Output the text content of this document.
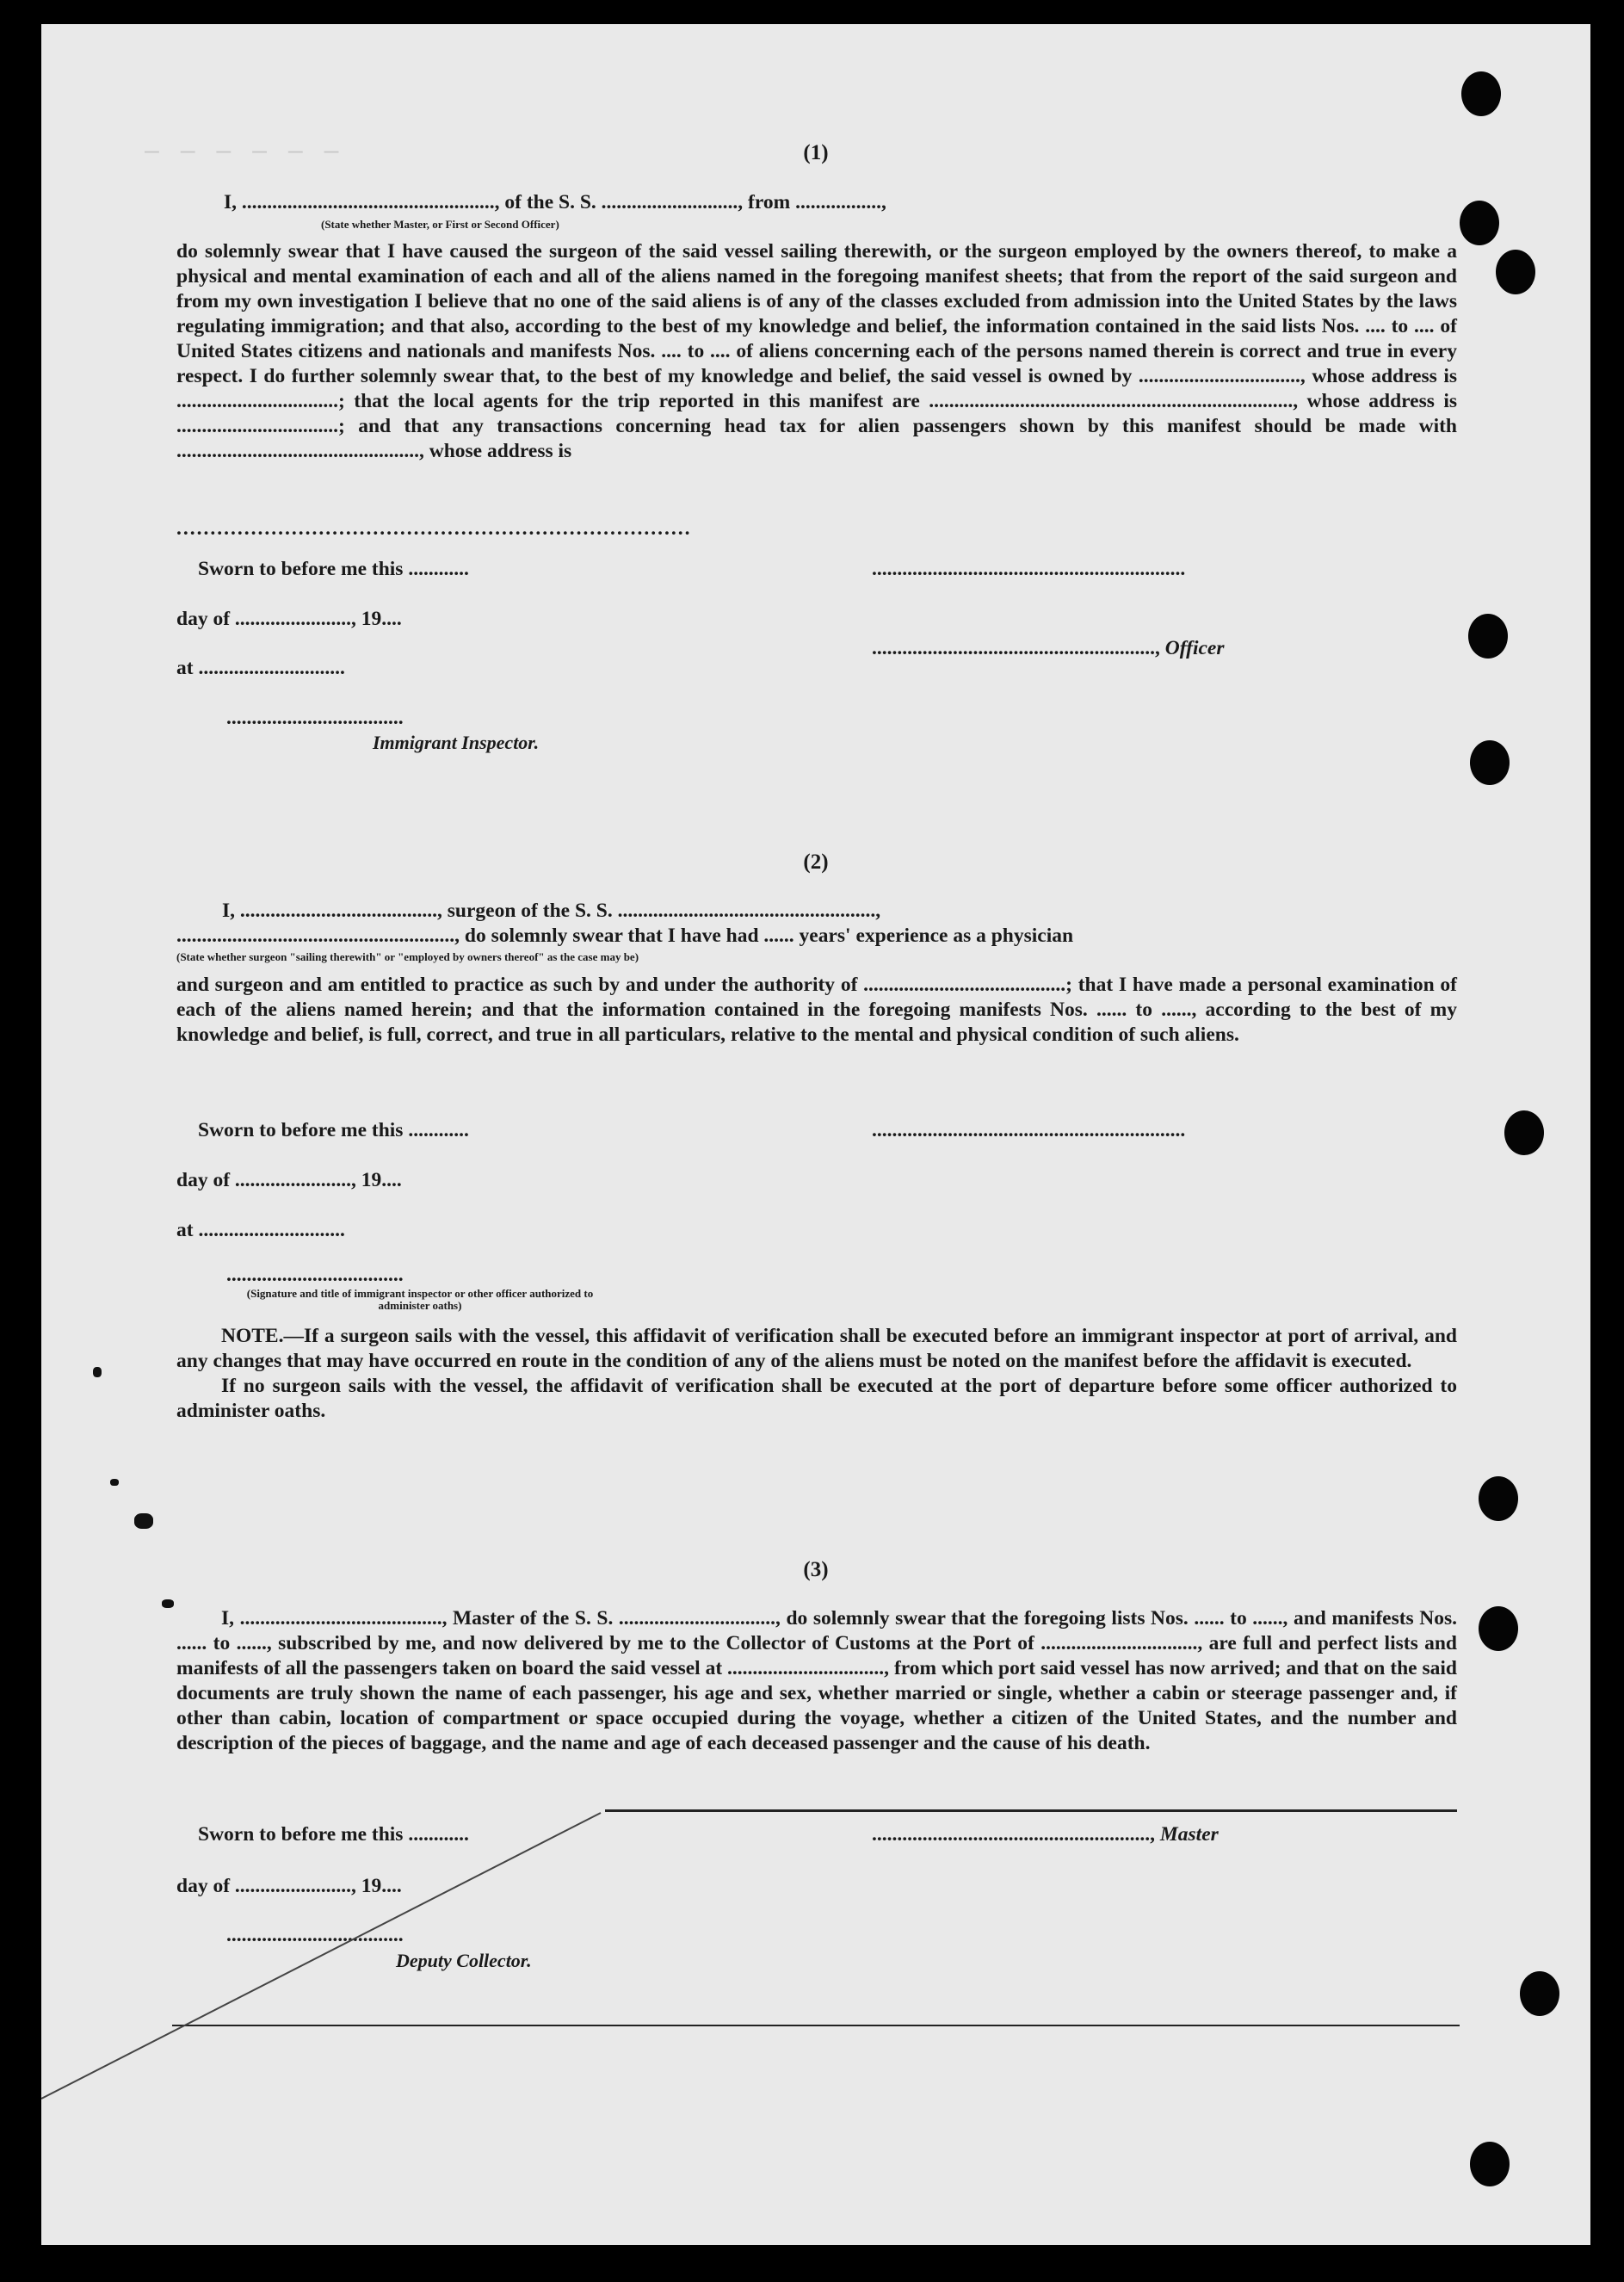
— — — — — —	(1)
I, .................................................., of the S. S. ..........................., from .................,
(State whether Master, or First or Second Officer)
do solemnly swear that I have caused the surgeon of the said vessel sailing therewith, or the surgeon employed by the owners thereof, to make a physical and mental examination of each and all of the aliens named in the foregoing manifest sheets; that from the report of the said surgeon and from my own investigation I believe that no one of the said aliens is of any of the classes excluded from admission into the United States by the laws regulating immigration; and that also, according to the best of my knowledge and belief, the information contained in the said lists Nos. .... to .... of United States citizens and nationals and manifests Nos. .... to .... of aliens concerning each of the persons named therein is correct and true in every respect. I do further solemnly swear that, to the best of my knowledge and belief, the said vessel is owned by ................................, whose address is ................................; that the local agents for the trip reported in this manifest are ........................................................................, whose address is ................................; and that any transactions concerning head tax for alien passengers shown by this manifest should be made with ................................................, whose address is
............................................................................
Sworn to before me this ............
day of ......................., 19....
at .............................
...................................
Immigrant Inspector.
..............................................................
........................................................, Officer
(2)
I, ......................................., surgeon of the S. S. ...................................................,
......................................................., do solemnly swear that I have had ...... years' experience as a physician
(State whether surgeon "sailing therewith" or "employed by owners thereof" as the case may be)
and surgeon and am entitled to practice as such by and under the authority of ........................................; that I have made a personal examination of each of the aliens named herein; and that the information contained in the foregoing manifests Nos. ...... to ......, according to the best of my knowledge and belief, is full, correct, and true in all particulars, relative to the mental and physical condition of such aliens.
Sworn to before me this ............
day of ......................., 19....
at .............................
...................................
(Signature and title of immigrant inspector or other officer authorized to administer oaths)
..............................................................

NOTE.—If a surgeon sails with the vessel, this affidavit of verification shall be executed before an immigrant inspector at port of arrival, and any changes that may have occurred en route in the condition of any of the aliens must be noted on the manifest before the affidavit is executed.

If no surgeon sails with the vessel, the affidavit of verification shall be executed at the port of departure before some officer authorized to administer oaths.

(3)
I, ........................................, Master of the S. S. ..............................., do solemnly swear that the foregoing lists Nos. ...... to ......, and manifests Nos. ...... to ......, subscribed by me, and now delivered by me to the Collector of Customs at the Port of ..............................., are full and perfect lists and manifests of all the passengers taken on board the said vessel at ..............................., from which port said vessel has now arrived; and that on the said documents are truly shown the name of each passenger, his age and sex, whether married or single, whether a cabin or steerage passenger and, if other than cabin, location of compartment or space occupied during the voyage, whether a citizen of the United States, and the number and description of the pieces of baggage, and the name and age of each deceased passenger and the cause of his death.
Sworn to before me this ............
day of ......................., 19....
...................................
Deputy Collector.
......................................................., Master
